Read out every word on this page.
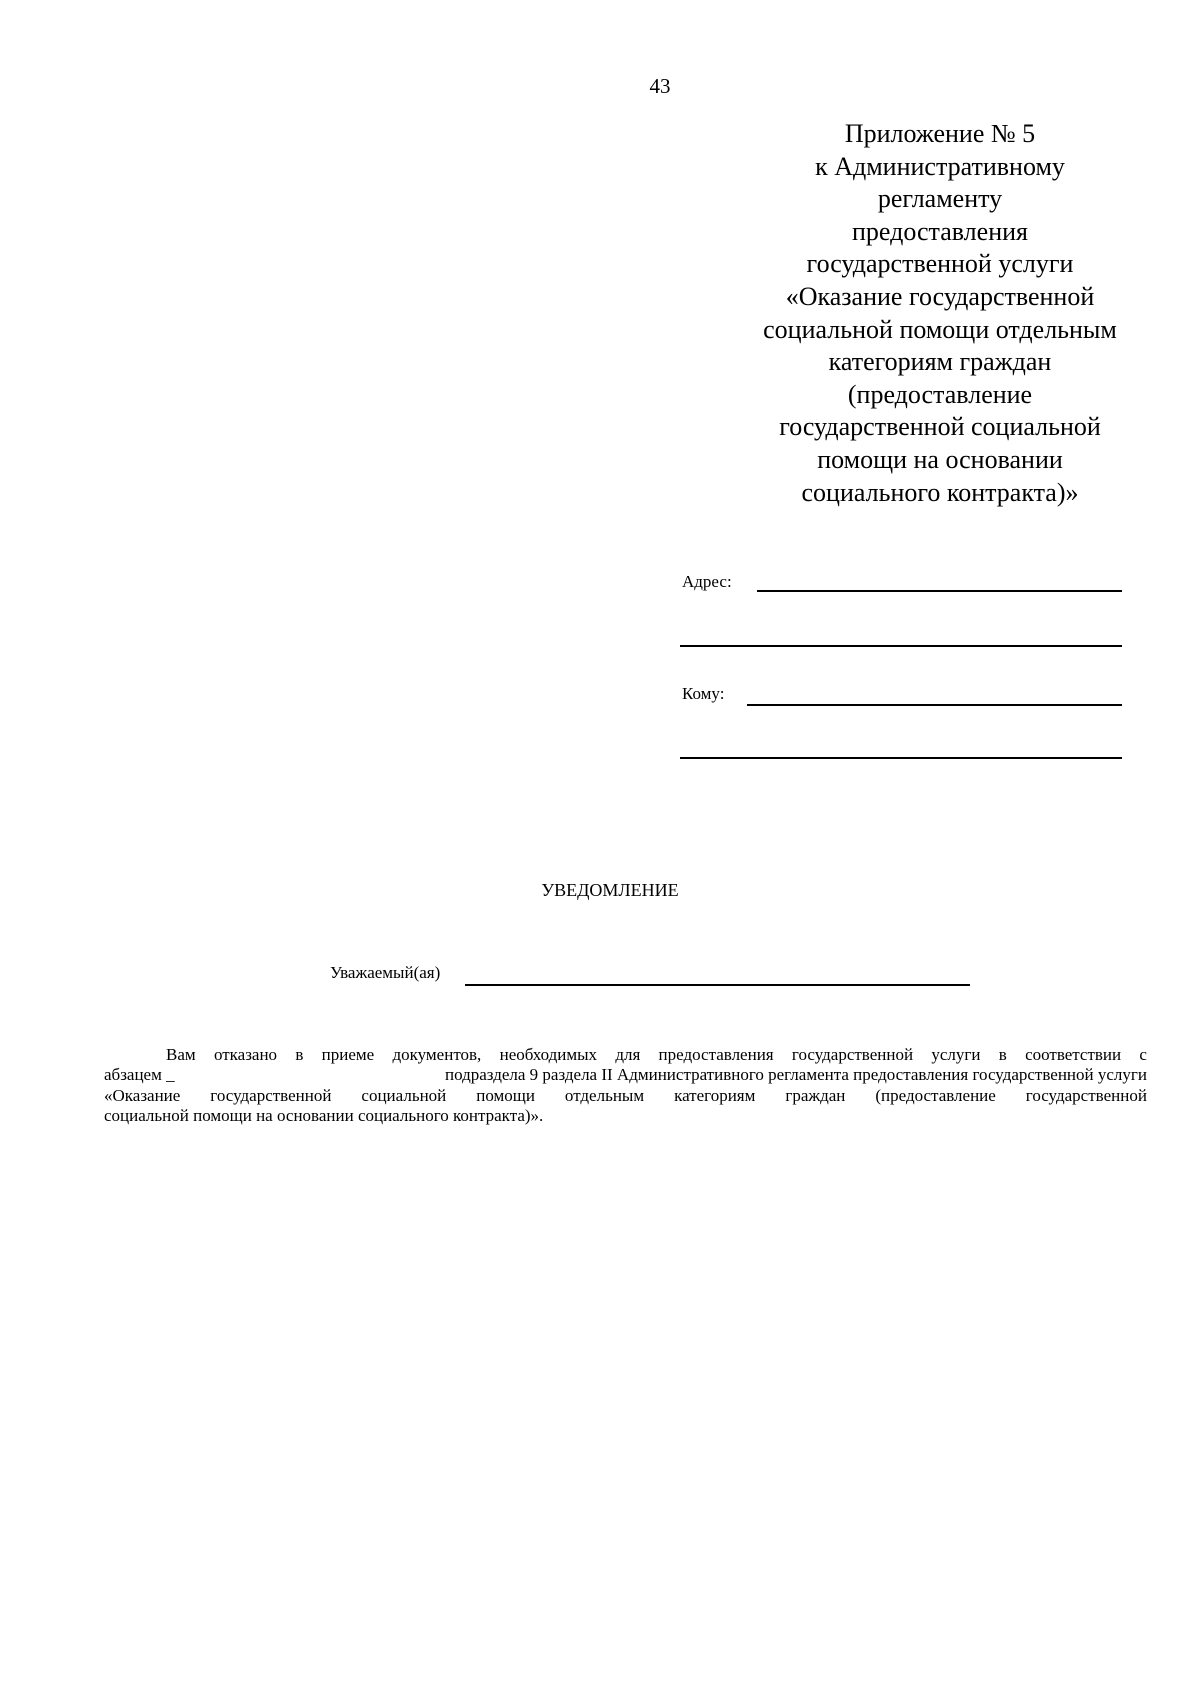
43
Приложение № 5
к Административному
регламенту
предоставления
государственной услуги
«Оказание государственной
социальной помощи отдельным
категориям граждан
(предоставление
государственной социальной
помощи на основании
социального контракта)»
Адрес:
Кому:
УВЕДОМЛЕНИЕ
Уважаемый(ая)
Вам отказано в приеме документов, необходимых для предоставления государственной услуги в соответствии с
абзацем _	подраздела 9 раздела II Административного регламента предоставления государственной услуги
«Оказание государственной социальной помощи отдельным категориям граждан (предоставление государственной
социальной помощи на основании социального контракта)».
